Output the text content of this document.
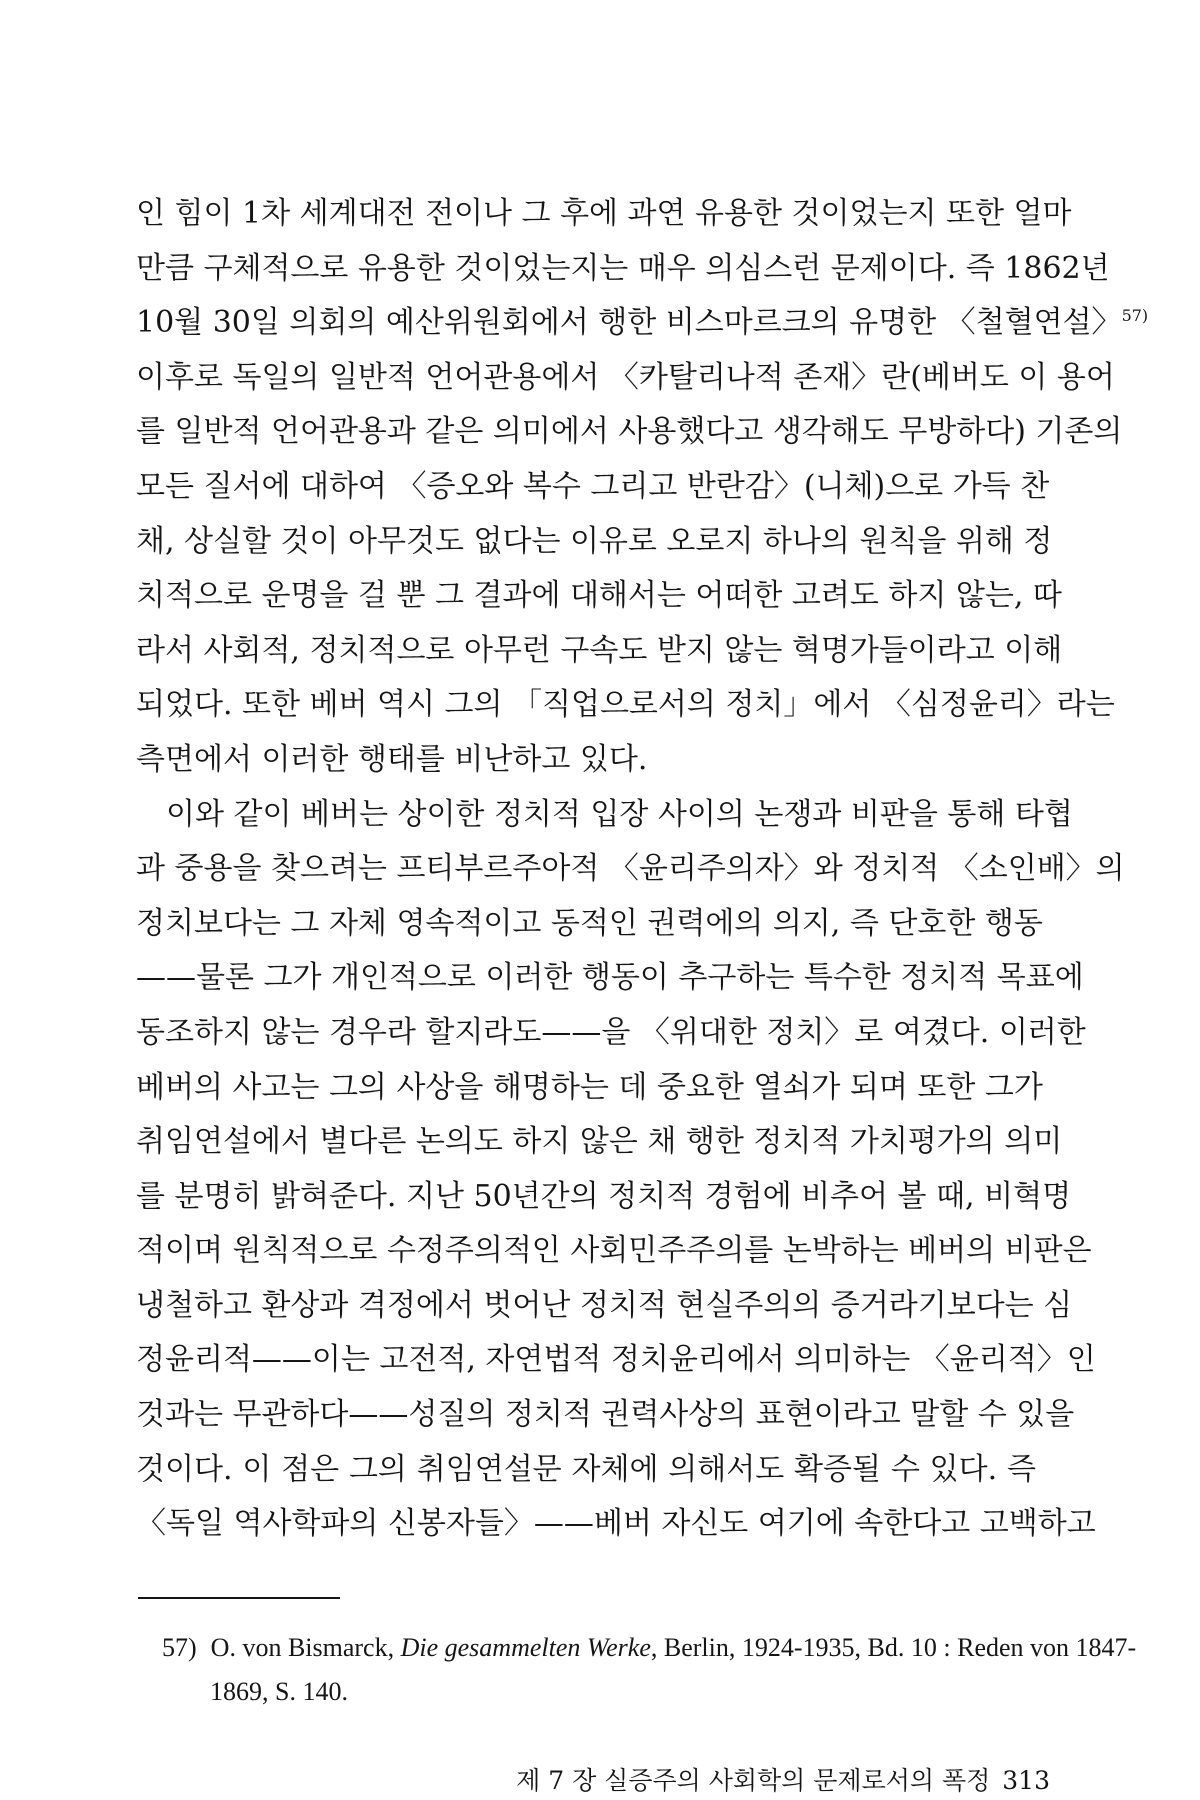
인 힘이 1차 세계대전 전이나 그 후에 과연 유용한 것이었는지 또한 얼마
만큼 구체적으로 유용한 것이었는지는 매우 의심스런 문제이다. 즉 1862년
10월 30일 의회의 예산위원회에서 행한 비스마르크의 유명한 〈철혈연설〉$^{57)}$
이후로 독일의 일반적 언어관용에서 〈카탈리나적 존재〉란(베버도 이 용어
를 일반적 언어관용과 같은 의미에서 사용했다고 생각해도 무방하다) 기존의
모든 질서에 대하여 〈증오와 복수 그리고 반란감〉(니체)으로 가득 찬
채, 상실할 것이 아무것도 없다는 이유로 오로지 하나의 원칙을 위해 정
치적으로 운명을 걸 뿐 그 결과에 대해서는 어떠한 고려도 하지 않는, 따
라서 사회적, 정치적으로 아무런 구속도 받지 않는 혁명가들이라고 이해
되었다. 또한 베버 역시 그의 「직업으로서의 정치」에서 〈심정윤리〉라는
측면에서 이러한 행태를 비난하고 있다.
이와 같이 베버는 상이한 정치적 입장 사이의 논쟁과 비판을 통해 타협
과 중용을 찾으려는 프티부르주아적 〈윤리주의자〉와 정치적 〈소인배〉의
정치보다는 그 자체 영속적이고 동적인 권력에의 의지, 즉 단호한 행동
——물론 그가 개인적으로 이러한 행동이 추구하는 특수한 정치적 목표에
동조하지 않는 경우라 할지라도——을 〈위대한 정치〉로 여겼다. 이러한
베버의 사고는 그의 사상을 해명하는 데 중요한 열쇠가 되며 또한 그가
취임연설에서 별다른 논의도 하지 않은 채 행한 정치적 가치평가의 의미
를 분명히 밝혀준다. 지난 50년간의 정치적 경험에 비추어 볼 때, 비혁명
적이며 원칙적으로 수정주의적인 사회민주주의를 논박하는 베버의 비판은
냉철하고 환상과 격정에서 벗어난 정치적 현실주의의 증거라기보다는 심
정윤리적——이는 고전적, 자연법적 정치윤리에서 의미하는 〈윤리적〉인
것과는 무관하다——성질의 정치적 권력사상의 표현이라고 말할 수 있을
것이다. 이 점은 그의 취임연설문 자체에 의해서도 확증될 수 있다. 즉
〈독일 역사학파의 신봉자들〉——베버 자신도 여기에 속한다고 고백하고
57) O. von Bismarck, Die gesammelten Werke, Berlin, 1924-1935, Bd. 10 : Reden von 1847-
1869, S. 140.
제 7 장 실증주의 사회학의 문제로서의 폭정 313
